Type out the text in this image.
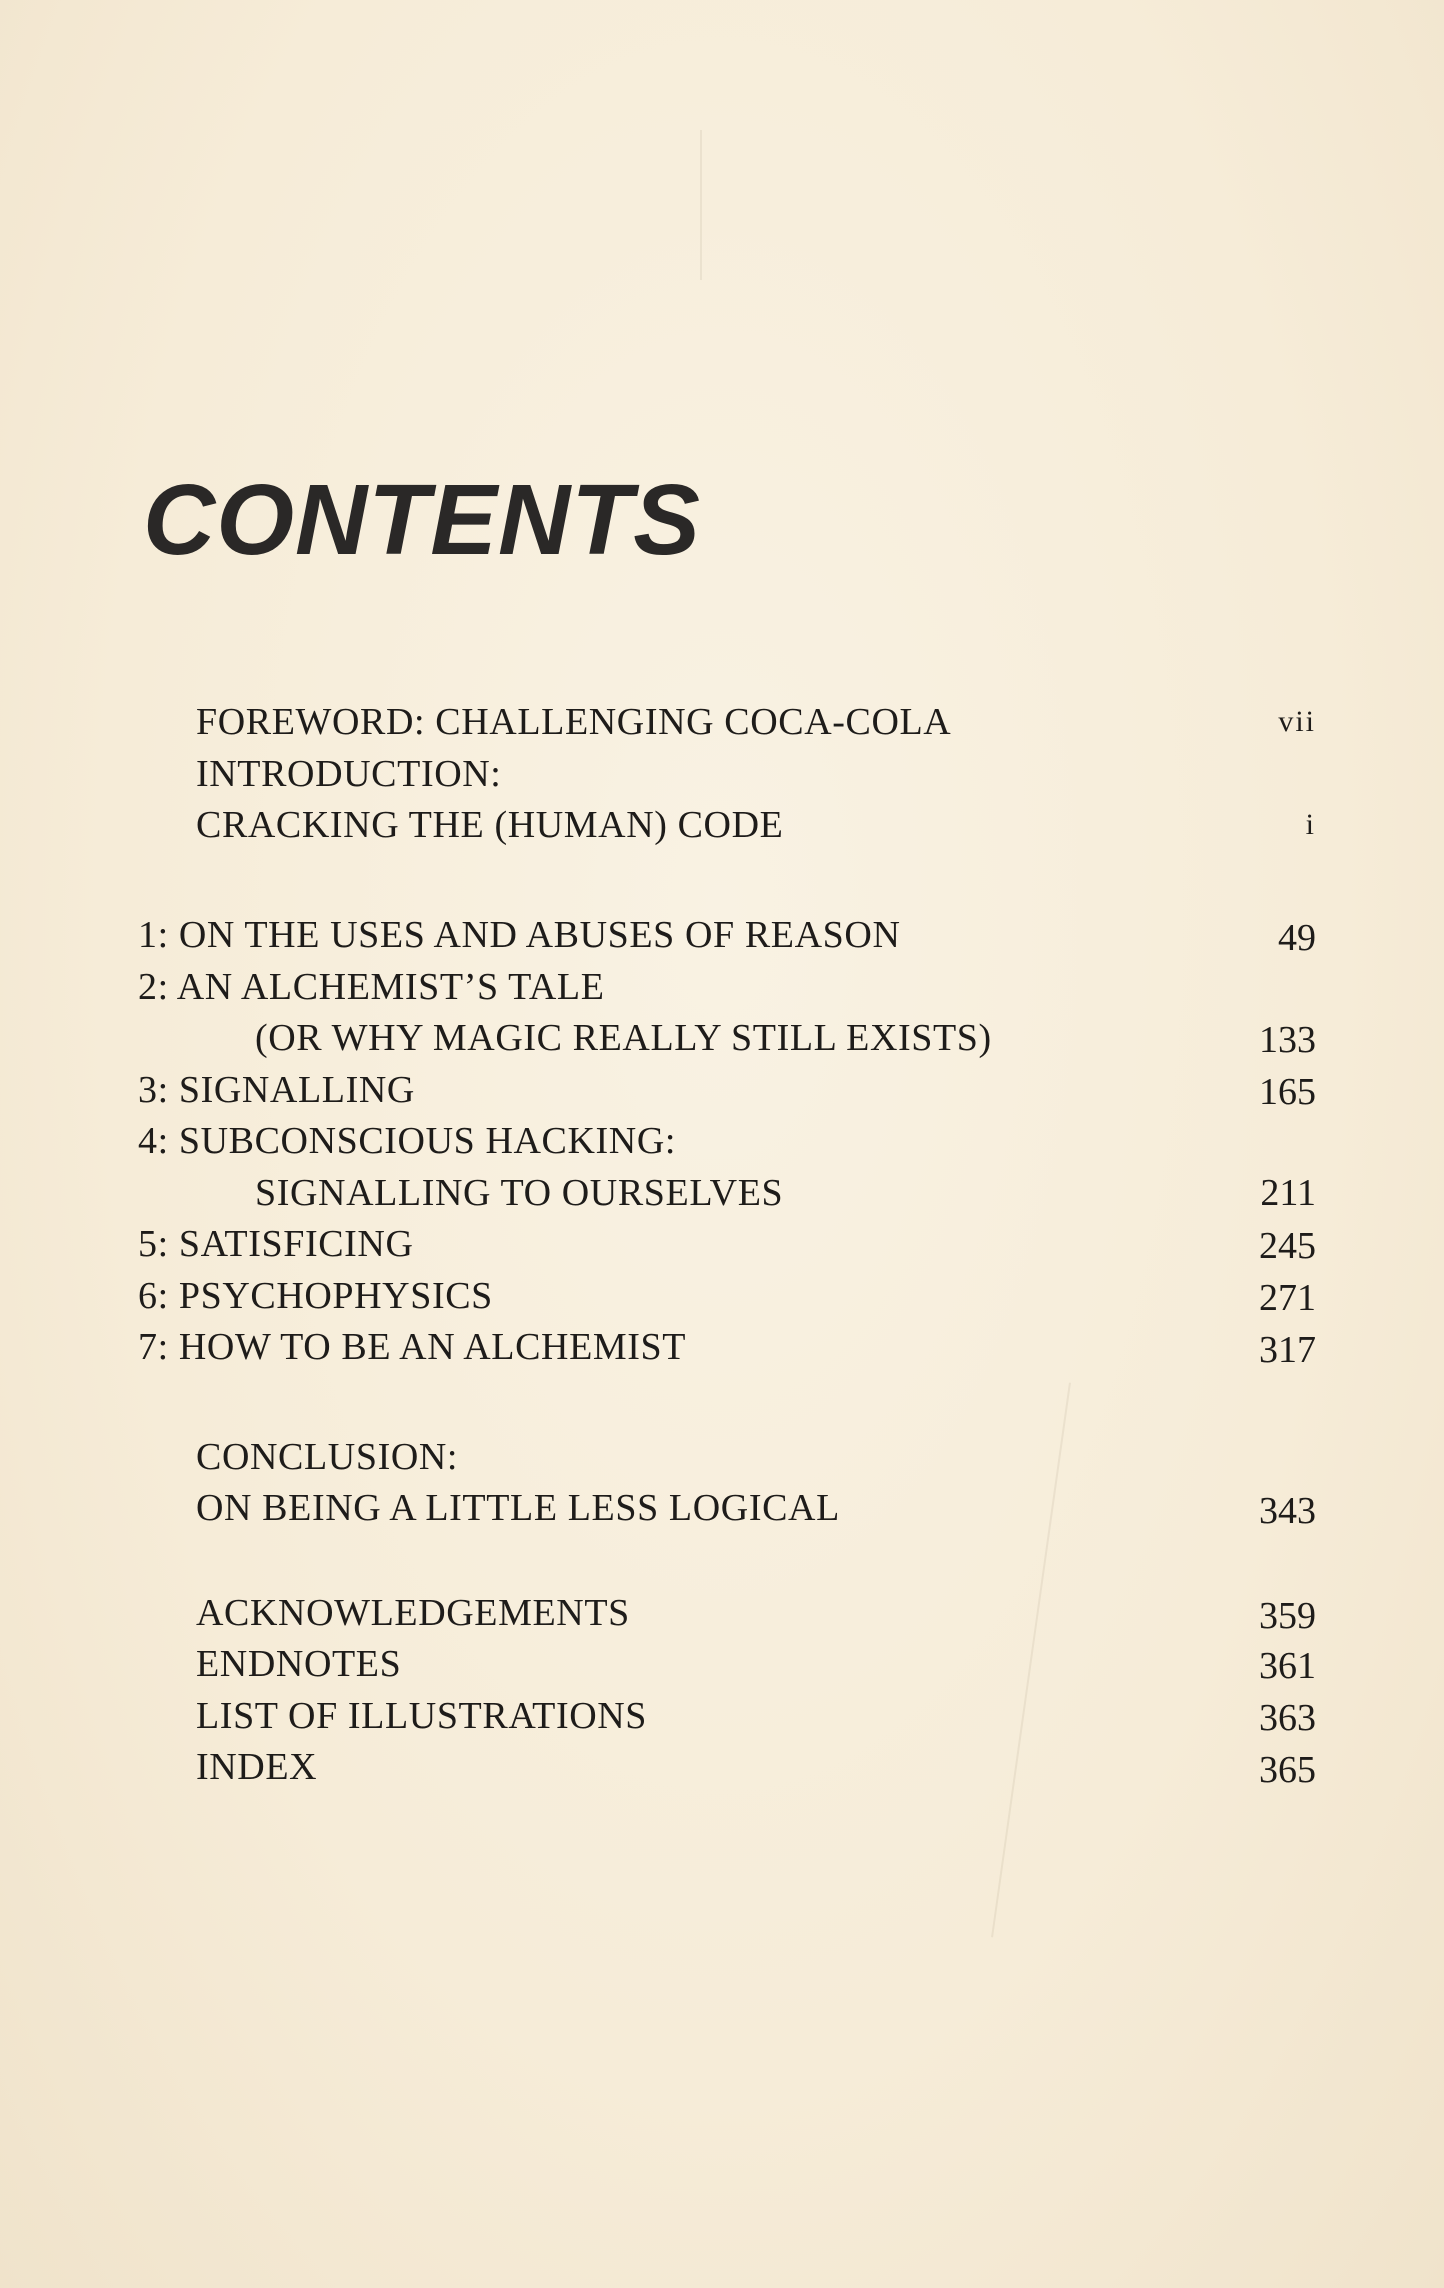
CONTENTS
FOREWORD: CHALLENGING COCA-COLA	vii
INTRODUCTION:
CRACKING THE (HUMAN) CODE	i
1: ON THE USES AND ABUSES OF REASON	49
2: AN ALCHEMIST’S TALE
(OR WHY MAGIC REALLY STILL EXISTS)	133
3: SIGNALLING	165
4: SUBCONSCIOUS HACKING:
SIGNALLING TO OURSELVES	211
5: SATISFICING	245
6: PSYCHOPHYSICS	271
7: HOW TO BE AN ALCHEMIST	317
CONCLUSION:
ON BEING A LITTLE LESS LOGICAL	343
ACKNOWLEDGEMENTS	359
ENDNOTES	361
LIST OF ILLUSTRATIONS	363
INDEX	365
